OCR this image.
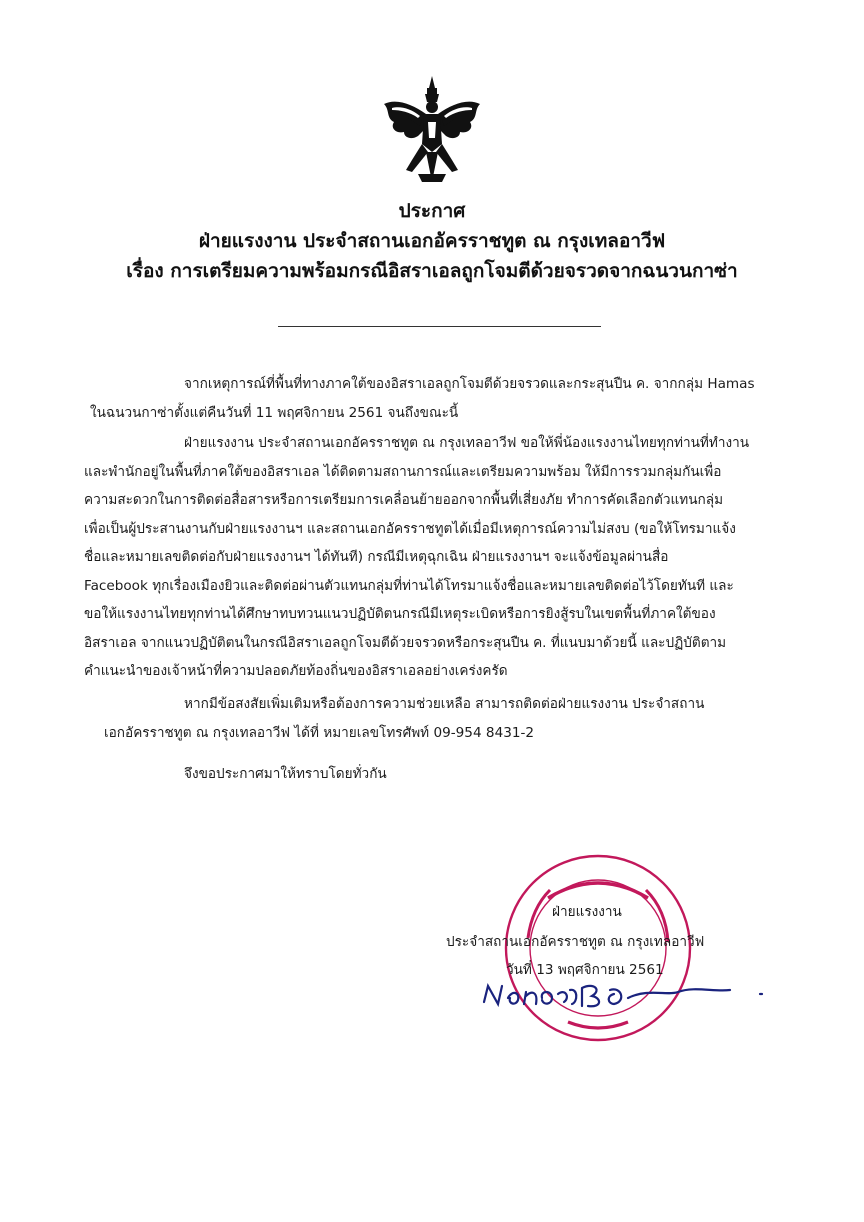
ประกาศ
ฝ่ายแรงงาน ประจำสถานเอกอัครราชทูต ณ กรุงเทลอาวีฟ
เรื่อง การเตรียมความพร้อมกรณีอิสราเอลถูกโจมตีด้วยจรวดจากฉนวนกาซ่า

จากเหตุการณ์ที่พื้นที่ทางภาคใต้ของอิสราเอลถูกโจมตีด้วยจรวดและกระสุนปืน ค. จากกลุ่ม Hamas
ในฉนวนกาซ่าตั้งแต่คืนวันที่ 11 พฤศจิกายน 2561 จนถึงขณะนี้

ฝ่ายแรงงาน ประจำสถานเอกอัครราชทูต ณ กรุงเทลอาวีฟ ขอให้พี่น้องแรงงานไทยทุกท่านที่ทำงาน
และพำนักอยู่ในพื้นที่ภาคใต้ของอิสราเอล ได้ติดตามสถานการณ์และเตรียมความพร้อม ให้มีการรวมกลุ่มกันเพื่อ
ความสะดวกในการติดต่อสื่อสารหรือการเตรียมการเคลื่อนย้ายออกจากพื้นที่เสี่ยงภัย ทำการคัดเลือกตัวแทนกลุ่ม
เพื่อเป็นผู้ประสานงานกับฝ่ายแรงงานฯ และสถานเอกอัครราชทูตได้เมื่อมีเหตุการณ์ความไม่สงบ (ขอให้โทรมาแจ้ง
ชื่อและหมายเลขติดต่อกับฝ่ายแรงงานฯ ได้ทันที) กรณีมีเหตุฉุกเฉิน ฝ่ายแรงงานฯ จะแจ้งข้อมูลผ่านสื่อ
Facebook ทุกเรื่องเมืองยิวและติดต่อผ่านตัวแทนกลุ่มที่ท่านได้โทรมาแจ้งชื่อและหมายเลขติดต่อไว้โดยทันที และ
ขอให้แรงงานไทยทุกท่านได้ศึกษาทบทวนแนวปฏิบัติตนกรณีมีเหตุระเบิดหรือการยิงสู้รบในเขตพื้นที่ภาคใต้ของ
อิสราเอล จากแนวปฏิบัติตนในกรณีอิสราเอลถูกโจมตีด้วยจรวดหรือกระสุนปืน ค. ที่แนบมาด้วยนี้ และปฏิบัติตาม
คำแนะนำของเจ้าหน้าที่ความปลอดภัยท้องถิ่นของอิสราเอลอย่างเคร่งครัด

หากมีข้อสงสัยเพิ่มเติมหรือต้องการความช่วยเหลือ สามารถติดต่อฝ่ายแรงงาน ประจำสถาน
เอกอัครราชทูต ณ กรุงเทลอาวีฟ ได้ที่ หมายเลขโทรศัพท์ 09-954 8431-2

จึงขอประกาศมาให้ทราบโดยทั่วกัน

ฝ่ายแรงงาน
ประจำสถานเอกอัครราชทูต ณ กรุงเทลอาวีฟ
วันที่ 13 พฤศจิกายน 2561
